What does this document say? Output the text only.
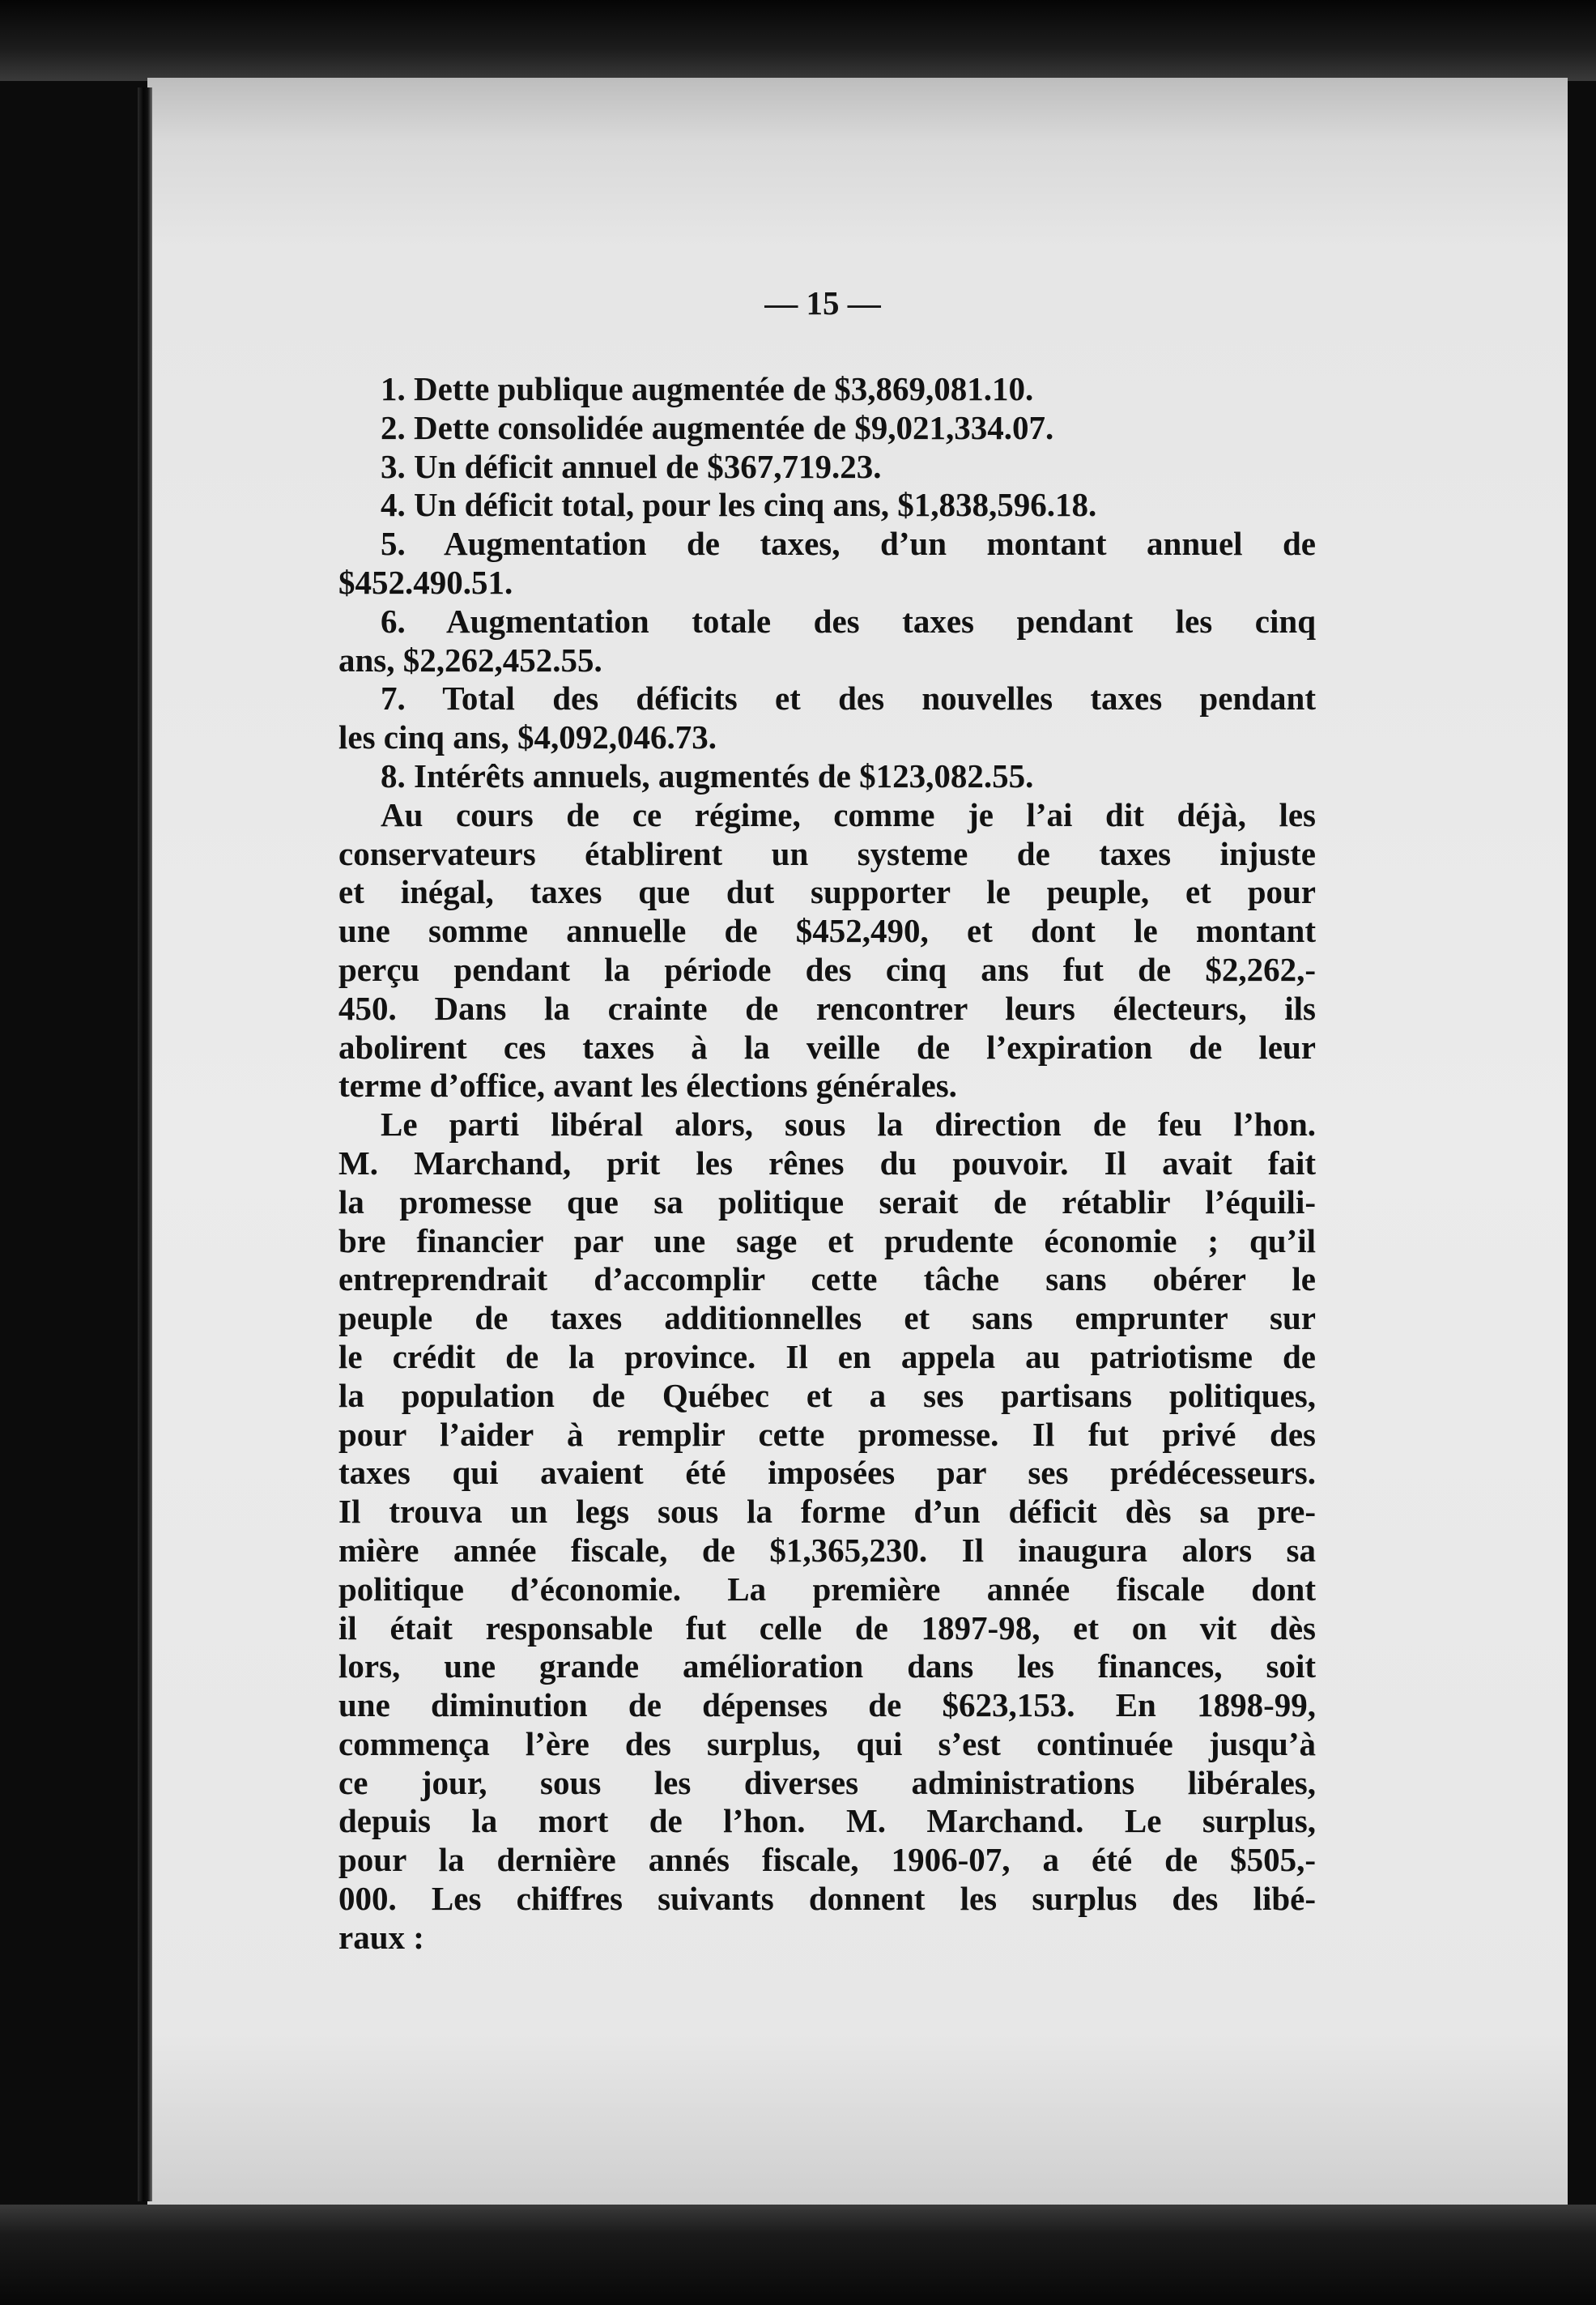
— 15 —
1. Dette publique augmentée de $3,869,081.10.
2. Dette consolidée augmentée de $9,021,334.07.
3. Un déficit annuel de $367,719.23.
4. Un déficit total, pour les cinq ans, $1,838,596.18.
5. Augmentation de taxes, d’un montant annuel de
$452.490.51.
6. Augmentation totale des taxes pendant les cinq
ans, $2,262,452.55.
7. Total des déficits et des nouvelles taxes pendant
les cinq ans, $4,092,046.73.
8. Intérêts annuels, augmentés de $123,082.55.
Au cours de ce régime, comme je l’ai dit déjà, les
conservateurs établirent un systeme de taxes injuste
et inégal, taxes que dut supporter le peuple, et pour
une somme annuelle de $452,490, et dont le montant
perçu pendant la période des cinq ans fut de $2,262,-
450. Dans la crainte de rencontrer leurs électeurs, ils
abolirent ces taxes à la veille de l’expiration de leur
terme d’office, avant les élections générales.
Le parti libéral alors, sous la direction de feu l’hon.
M. Marchand, prit les rênes du pouvoir. Il avait fait
la promesse que sa politique serait de rétablir l’équili-
bre financier par une sage et prudente économie ; qu’il
entreprendrait d’accomplir cette tâche sans obérer le
peuple de taxes additionnelles et sans emprunter sur
le crédit de la province. Il en appela au patriotisme de
la population de Québec et a ses partisans politiques,
pour l’aider à remplir cette promesse. Il fut privé des
taxes qui avaient été imposées par ses prédécesseurs.
Il trouva un legs sous la forme d’un déficit dès sa pre-
mière année fiscale, de $1,365,230. Il inaugura alors sa
politique d’économie. La première année fiscale dont
il était responsable fut celle de 1897-98, et on vit dès
lors, une grande amélioration dans les finances, soit
une diminution de dépenses de $623,153. En 1898-99,
commença l’ère des surplus, qui s’est continuée jusqu’à
ce jour, sous les diverses administrations libérales,
depuis la mort de l’hon. M. Marchand. Le surplus,
pour la dernière annés fiscale, 1906-07, a été de $505,-
000. Les chiffres suivants donnent les surplus des libé-
raux :
